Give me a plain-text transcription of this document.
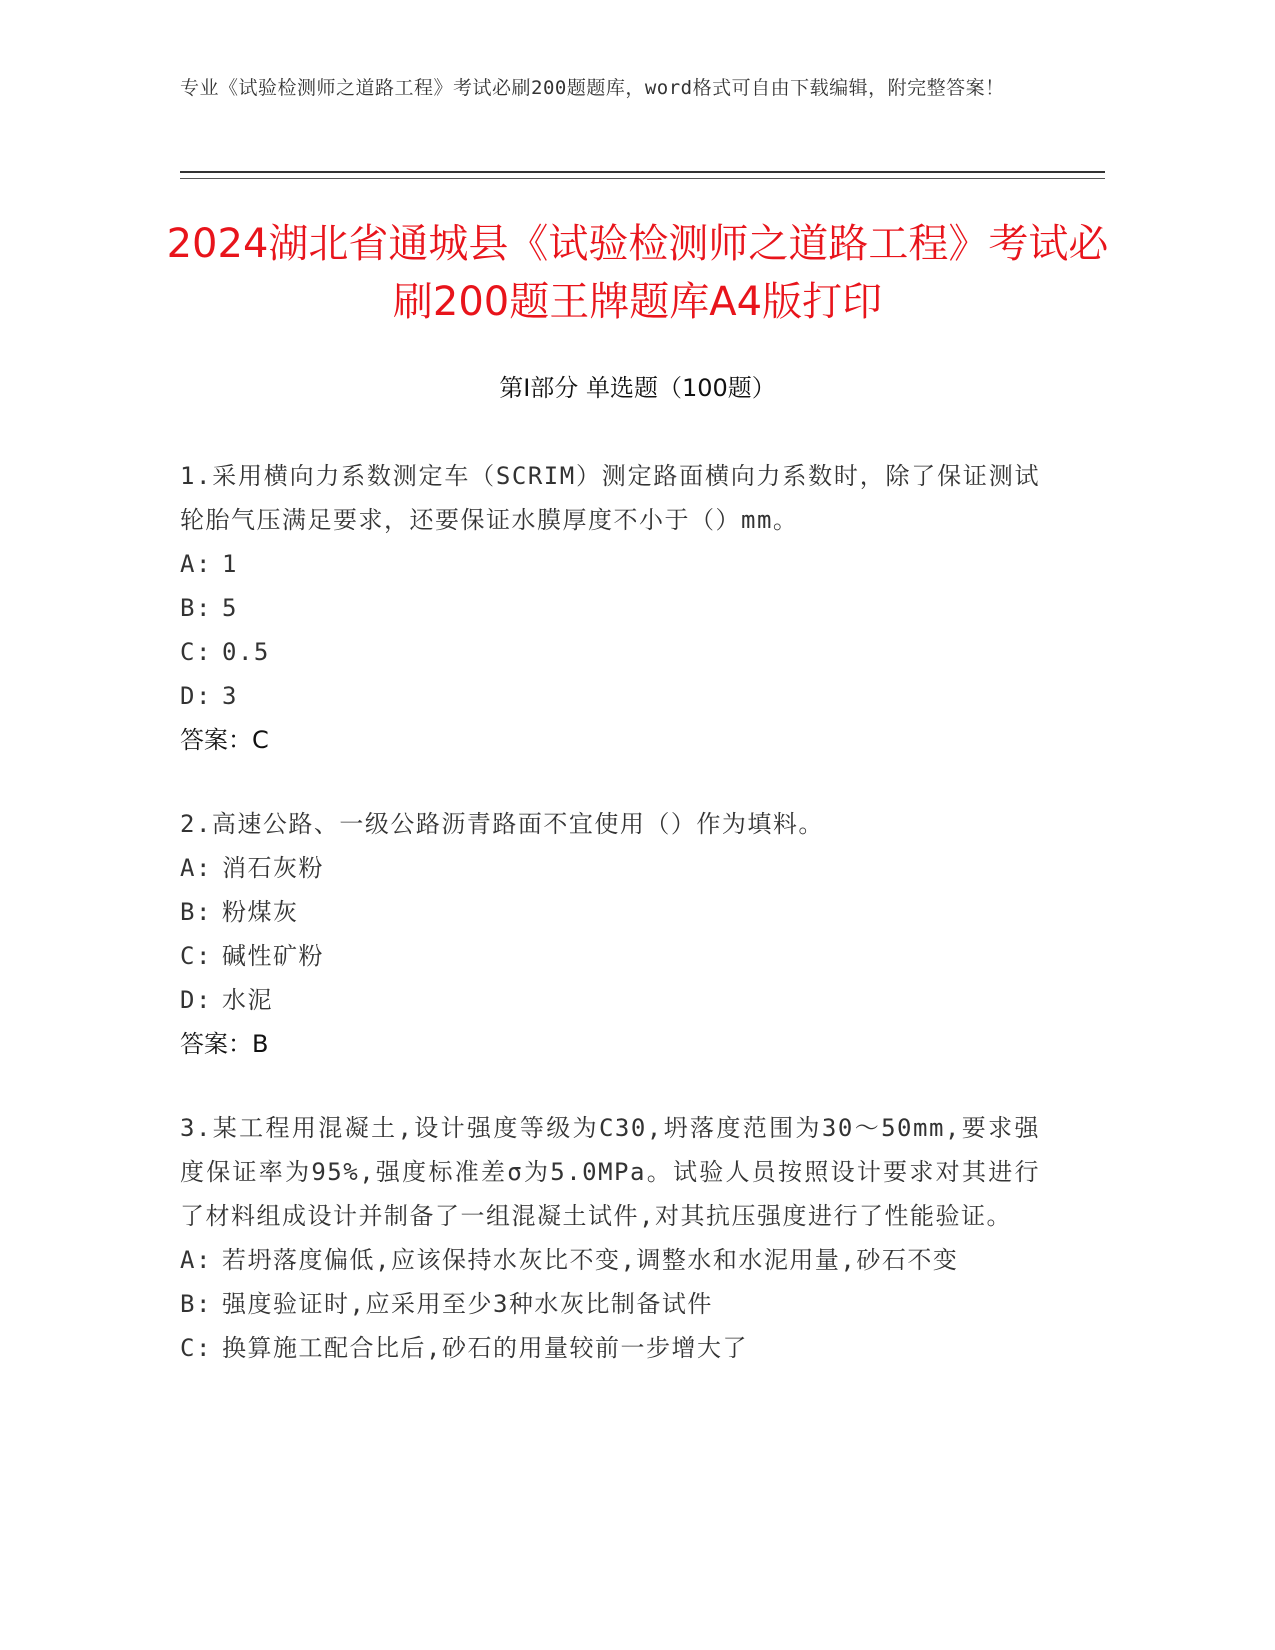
专业《试验检测师之道路工程》考试必刷200题题库，word格式可自由下载编辑，附完整答案！
2024湖北省通城县《试验检测师之道路工程》考试必刷200题王牌题库A4版打印
第Ⅰ部分 单选题（100题）
1.采用横向力系数测定车（SCRIM）测定路面横向力系数时，除了保证测试轮胎气压满足要求，还要保证水膜厚度不小于（）mm。
A: 1
B: 5
C: 0.5
D: 3
答案：C
2.高速公路、一级公路沥青路面不宜使用（）作为填料。
A: 消石灰粉
B: 粉煤灰
C: 碱性矿粉
D: 水泥
答案：B
3.某工程用混凝土,设计强度等级为C30,坍落度范围为30～50mm,要求强度保证率为95%,强度标准差σ为5.0MPa。试验人员按照设计要求对其进行了材料组成设计并制备了一组混凝土试件,对其抗压强度进行了性能验证。
A: 若坍落度偏低,应该保持水灰比不变,调整水和水泥用量,砂石不变
B: 强度验证时,应采用至少3种水灰比制备试件
C: 换算施工配合比后,砂石的用量较前一步增大了
